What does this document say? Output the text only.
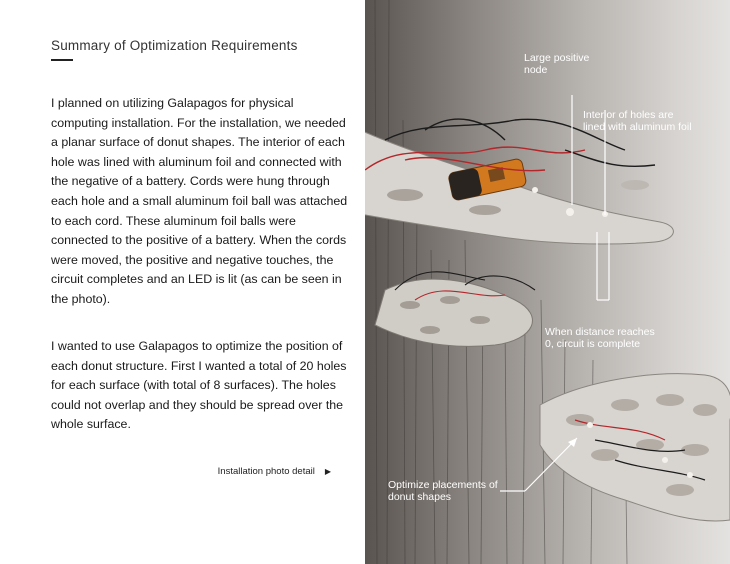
Summary of Optimization Requirements

I planned on utilizing Galapagos for physical computing installation. For the installation, we needed a planar surface of donut shapes. The interior of each hole was lined with aluminum foil and connected with the negative of a battery. Cords were hung through each hole and a small aluminum foil ball was attached to each cord. These aluminum foil balls were connected to the positive of a battery. When the cords were moved, the positive and negative touches, the circuit completes and an LED is lit (as can be seen in the photo).

I wanted to use Galapagos to optimize the position of each donut structure. First I wanted a total of 20 holes for each surface (with total of 8 surfaces). The holes could not overlap and they should be spread over the whole surface.

Installation photo detail ▶
Large positive node
Interior of holes are lined with aluminum foil
When distance reaches 0, circuit is complete
Optimize placements of donut shapes
